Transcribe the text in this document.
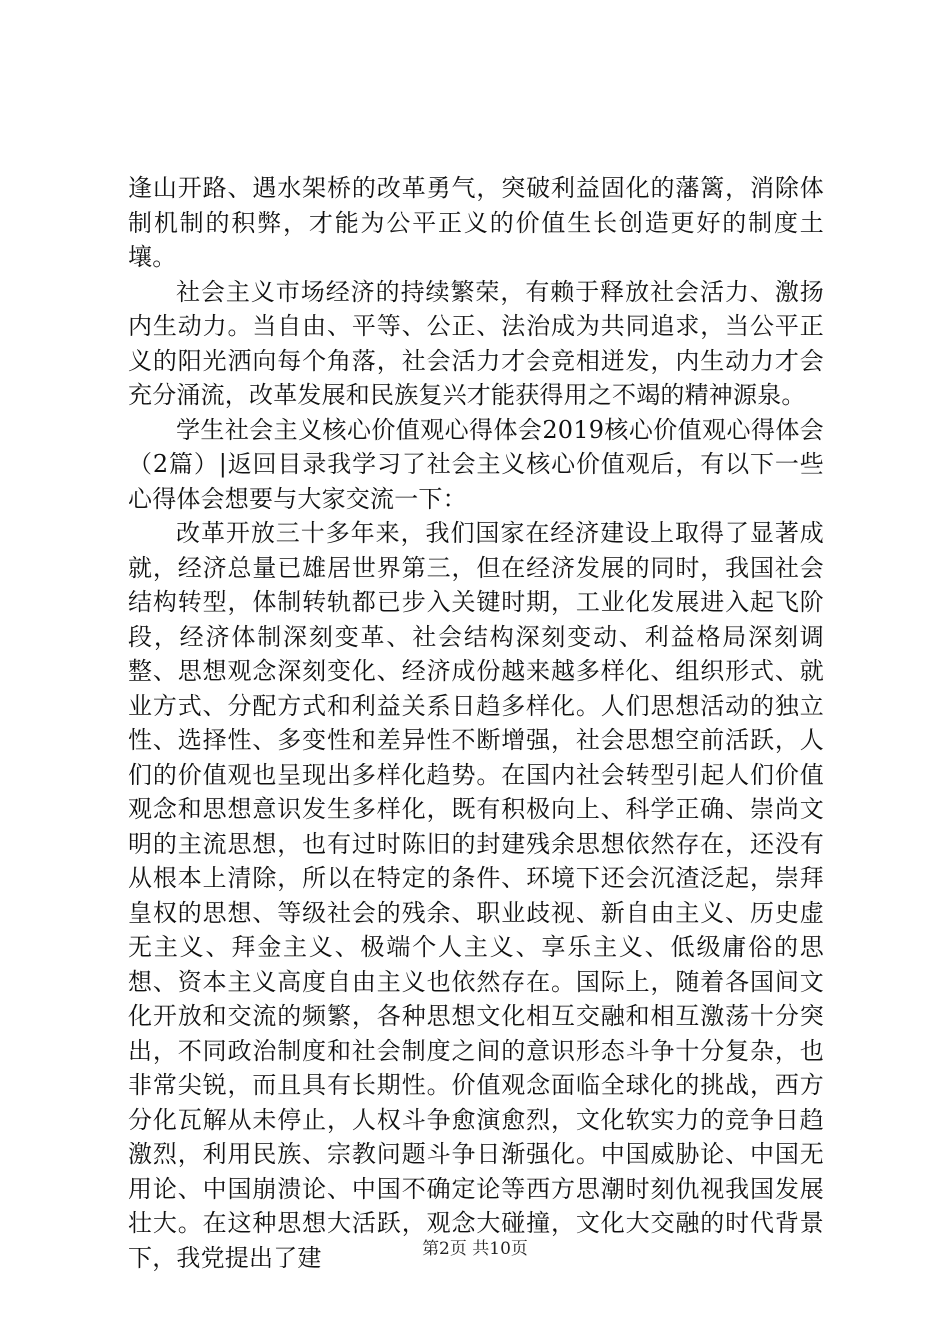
逢山开路、遇水架桥的改革勇气，突破利益固化的藩篱，消除体制机制的积弊，才能为公平正义的价值生长创造更好的制度土壤。

社会主义市场经济的持续繁荣，有赖于释放社会活力、激扬内生动力。当自由、平等、公正、法治成为共同追求，当公平正义的阳光洒向每个角落，社会活力才会竞相迸发，内生动力才会充分涌流，改革发展和民族复兴才能获得用之不竭的精神源泉。

学生社会主义核心价值观心得体会2019核心价值观心得体会（2篇）|返回目录我学习了社会主义核心价值观后，有以下一些心得体会想要与大家交流一下：

改革开放三十多年来，我们国家在经济建设上取得了显著成就，经济总量已雄居世界第三，但在经济发展的同时，我国社会结构转型，体制转轨都已步入关键时期，工业化发展进入起飞阶段，经济体制深刻变革、社会结构深刻变动、利益格局深刻调整、思想观念深刻变化、经济成份越来越多样化、组织形式、就业方式、分配方式和利益关系日趋多样化。人们思想活动的独立性、选择性、多变性和差异性不断增强，社会思想空前活跃，人们的价值观也呈现出多样化趋势。在国内社会转型引起人们价值观念和思想意识发生多样化，既有积极向上、科学正确、崇尚文明的主流思想，也有过时陈旧的封建残余思想依然存在，还没有从根本上清除，所以在特定的条件、环境下还会沉渣泛起，崇拜皇权的思想、等级社会的残余、职业歧视、新自由主义、历史虚无主义、拜金主义、极端个人主义、享乐主义、低级庸俗的思想、资本主义高度自由主义也依然存在。国际上，随着各国间文化开放和交流的频繁，各种思想文化相互交融和相互激荡十分突出，不同政治制度和社会制度之间的意识形态斗争十分复杂，也非常尖锐，而且具有长期性。价值观念面临全球化的挑战，西方分化瓦解从未停止，人权斗争愈演愈烈，文化软实力的竞争日趋激烈，利用民族、宗教问题斗争日渐强化。中国威胁论、中国无用论、中国崩溃论、中国不确定论等西方思潮时刻仇视我国发展壮大。在这种思想大活跃，观念大碰撞，文化大交融的时代背景下，我党提出了建	第2页 共10页
